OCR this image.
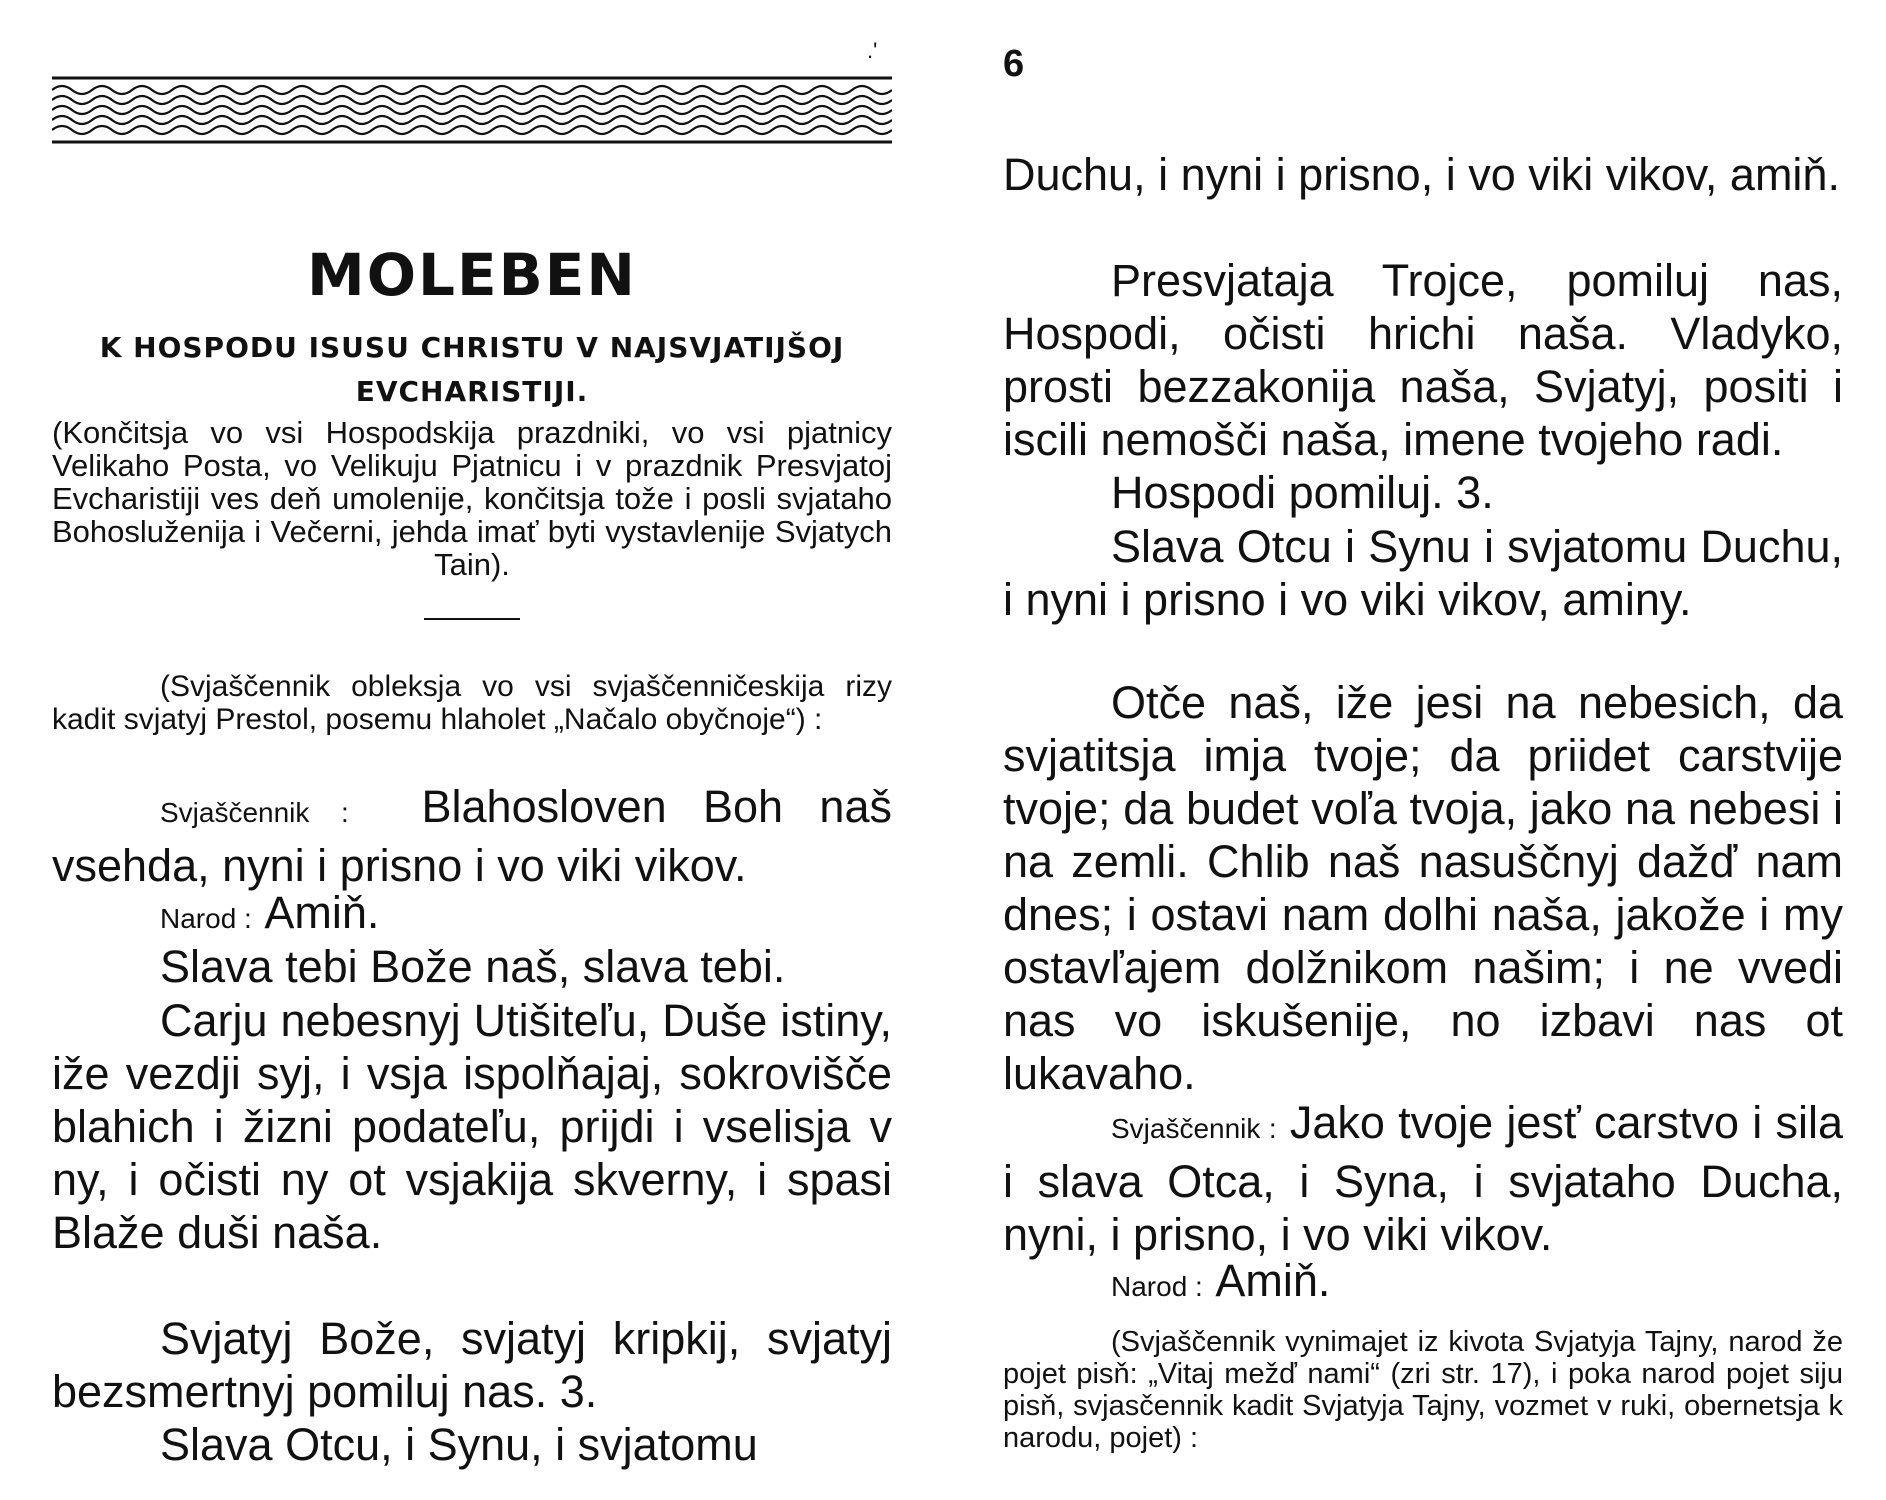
.'
MOLEBEN
K HOSPODU ISUSU CHRISTU V NAJSVJATIJŠOJ EVCHARISTIJI.

(Končitsja vo vsi Hospodskija prazdniki, vo vsi pjatnicy Velikaho Posta, vo Velikuju Pjatnicu i v prazdnik Presvjatoj Evcharistiji ves deň umolenije, končitsja tože i posli svjataho Bohosluženija i Večerni, jehda imať byti vystavlenije Svjatych Tain).

(Svjaščennik obleksja vo vsi svjaščenničeskija rizy kadit svjatyj Prestol, posemu hlaholet „Načalo obyčnoje“) :

Svjaščennik : Blahosloven Boh naš vsehda, nyni i prisno i vo viki vikov.

Narod : Amiň.

Slava tebi Bože naš, slava tebi.

Carju nebesnyj Utišiteľu, Duše istiny, iže vezdji syj, i vsja ispolňajaj, sokrovišče blahich i žizni podateľu, prijdi i vselisja v ny, i očisti ny ot vsjakija skverny, i spasi Blaže duši naša.

Svjatyj Bože, svjatyj kripkij, svjatyj bezsmertnyj pomiluj nas. 3.

Slava Otcu, i Synu, i svjatomu

6

Duchu, i nyni i prisno, i vo viki vikov, amiň.

Presvjataja Trojce, pomiluj nas, Hospodi, očisti hrichi naša. Vladyko, prosti bezzakonija naša, Svjatyj, positi i iscili nemošči naša, imene tvojeho radi.

Hospodi pomiluj. 3.

Slava Otcu i Synu i svjatomu Duchu, i nyni i prisno i vo viki vikov, aminy.

Otče naš, iže jesi na nebesich, da svjatitsja imja tvoje; da priidet carstvije tvoje; da budet voľa tvoja, jako na nebesi i na zemli. Chlib naš nasuščnyj dažď nam dnes; i ostavi nam dolhi naša, jakože i my ostavľajem dolžnikom našim; i ne vvedi nas vo iskušenije, no izbavi nas ot lukavaho.

Svjaščennik : Jako tvoje jesť carstvo i sila i slava Otca, i Syna, i svjataho Ducha, nyni, i prisno, i vo viki vikov.

Narod : Amiň.

(Svjaščennik vynimajet iz kivota Svjatyja Tajny, narod že pojet pisň: „Vitaj mežď nami“ (zri str. 17), i poka narod pojet siju pisň, svjasčennik kadit Svjatyja Tajny, vozmet v ruki, obernetsja k narodu, pojet) :
